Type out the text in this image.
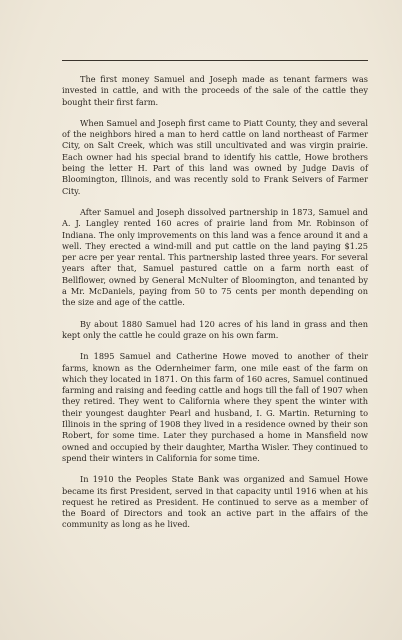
The first money Samuel and Joseph made as tenant farmers was invested in cattle, and with the proceeds of the sale of the cattle they bought their first farm.

When Samuel and Joseph first came to Piatt County, they and several of the neighbors hired a man to herd cattle on land northeast of Farmer City, on Salt Creek, which was still uncultivated and was virgin prairie. Each owner had his special brand to identify his cattle, Howe brothers being the letter H. Part of this land was owned by Judge Davis of Bloomington, Illinois, and was recently sold to Frank Seivers of Farmer City.

After Samuel and Joseph dissolved partnership in 1873, Samuel and A. J. Langley rented 160 acres of prairie land from Mr. Robinson of Indiana. The only improvements on this land was a fence around it and a well. They erected a wind-mill and put cattle on the land paying $1.25 per acre per year rental. This partnership lasted three years. For several years after that, Samuel pastured cattle on a farm north east of Bellflower, owned by General McNulter of Bloomington, and tenanted by a Mr. McDaniels, paying from 50 to 75 cents per month depending on the size and age of the cattle.

By about 1880 Samuel had 120 acres of his land in grass and then kept only the cattle he could graze on his own farm.

In 1895 Samuel and Catherine Howe moved to another of their farms, known as the Odernheimer farm, one mile east of the farm on which they located in 1871. On this farm of 160 acres, Samuel continued farming and raising and feeding cattle and hogs till the fall of 1907 when they retired. They went to California where they spent the winter with their youngest daughter Pearl and husband, I. G. Martin. Returning to Illinois in the spring of 1908 they lived in a residence owned by their son Robert, for some time. Later they purchased a home in Mansfield now owned and occupied by their daughter, Martha Wisler. They continued to spend their winters in California for some time.

In 1910 the Peoples State Bank was organized and Samuel Howe became its first President, served in that capacity until 1916 when at his request he retired as President. He continued to serve as a member of the Board of Directors and took an active part in the affairs of the community as long as he lived.
